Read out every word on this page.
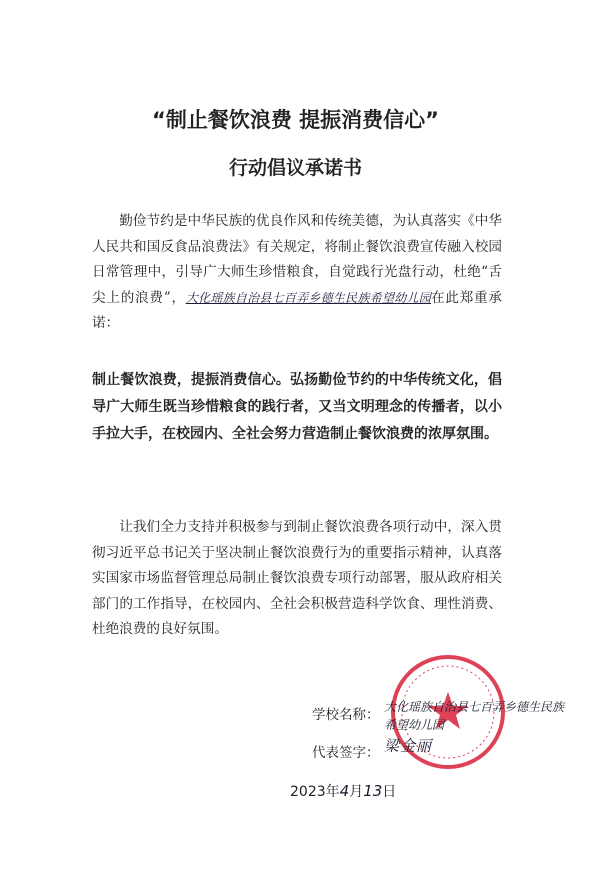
“制止餐饮浪费 提振消费信心”
行动倡议承诺书
勤俭节约是中华民族的优良作风和传统美德，为认真落实《中华人民共和国反食品浪费法》有关规定，将制止餐饮浪费宣传融入校园日常管理中，引导广大师生珍惜粮食，自觉践行光盘行动，杜绝“舌尖上的浪费”，大化瑶族自治县七百弄乡德生民族希望幼儿园在此郑重承诺：
制止餐饮浪费，提振消费信心。弘扬勤俭节约的中华传统文化，倡导广大师生既当珍惜粮食的践行者，又当文明理念的传播者，以小手拉大手，在校园内、全社会努力营造制止餐饮浪费的浓厚氛围。
让我们全力支持并积极参与到制止餐饮浪费各项行动中，深入贯彻习近平总书记关于坚决制止餐饮浪费行为的重要指示精神，认真落实国家市场监督管理总局制止餐饮浪费专项行动部署，服从政府相关部门的工作指导，在校园内、全社会积极营造科学饮食、理性消费、杜绝浪费的良好氛围。
学校名称： 大化瑶族自治县七百弄乡德生民族希望幼儿园
代表签字： 梁金丽
2023年4月13日
